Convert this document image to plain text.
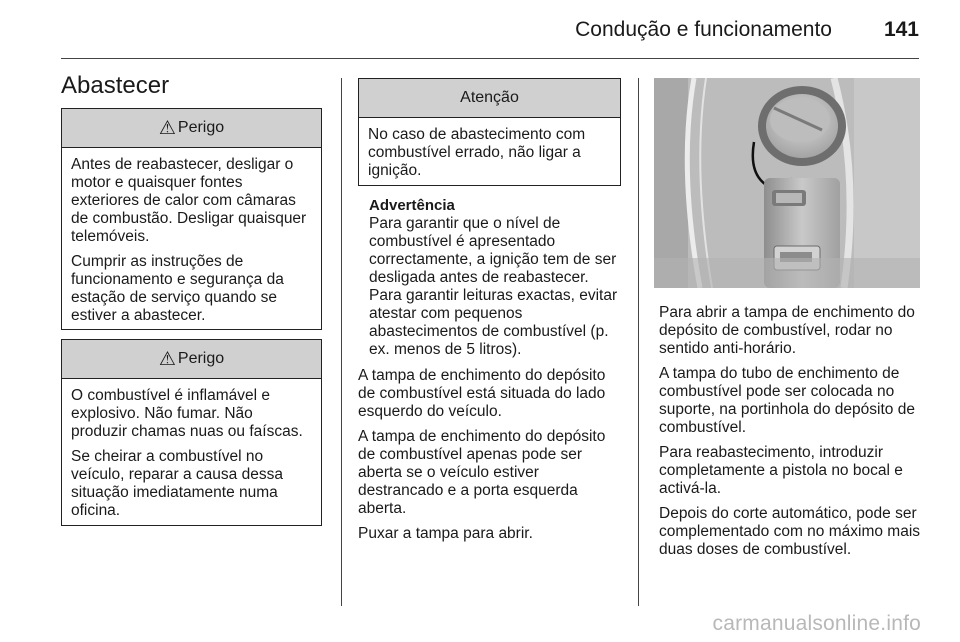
Condução e funcionamento 141
Abastecer
⚠ Perigo

Antes de reabastecer, desligar o motor e quaisquer fontes exteriores de calor com câmaras de combustão. Desligar quaisquer telemóveis.

Cumprir as instruções de funcionamento e segurança da estação de serviço quando se estiver a abastecer.

⚠ Perigo

O combustível é inflamável e explosivo. Não fumar. Não produzir chamas nuas ou faíscas.

Se cheirar a combustível no veículo, reparar a causa dessa situação imediatamente numa oficina.

Atenção

No caso de abastecimento com combustível errado, não ligar a ignição.

Advertência

Para garantir que o nível de combustível é apresentado correctamente, a ignição tem de ser desligada antes de reabastecer.

Para garantir leituras exactas, evitar atestar com pequenos abastecimentos de combustível (p. ex. menos de 5 litros).

A tampa de enchimento do depósito de combustível está situada do lado esquerdo do veículo.

A tampa de enchimento do depósito de combustível apenas pode ser aberta se o veículo estiver destrancado e a porta esquerda aberta.

Puxar a tampa para abrir.

Para abrir a tampa de enchimento do depósito de combustível, rodar no sentido anti-horário.

A tampa do tubo de enchimento de combustível pode ser colocada no suporte, na portinhola do depósito de combustível.

Para reabastecimento, introduzir completamente a pistola no bocal e activá-la.

Depois do corte automático, pode ser complementado com no máximo mais duas doses de combustível.

carmanualsonline.info
